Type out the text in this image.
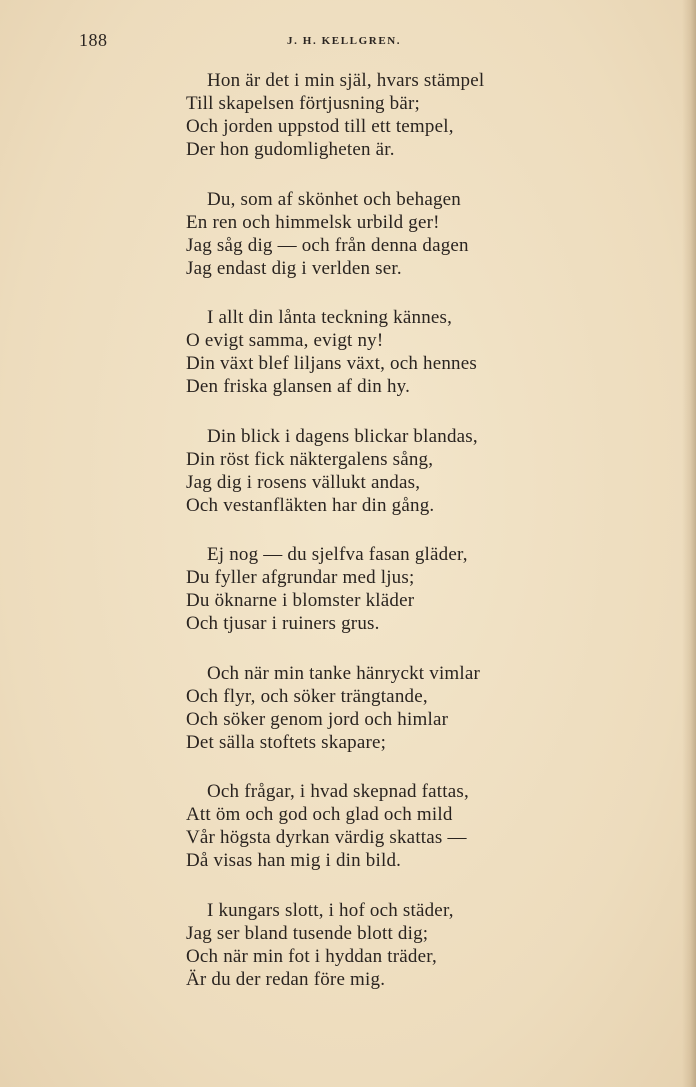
188	J. H. KELLGREN.

Hon är det i min själ, hvars stämpel
Till skapelsen förtjusning bär;
Och jorden uppstod till ett tempel,
Der hon gudomligheten är.

Du, som af skönhet och behagen
En ren och himmelsk urbild ger!
Jag såg dig — och från denna dagen
Jag endast dig i verlden ser.

I allt din lånta teckning kännes,
O evigt samma, evigt ny!
Din växt blef liljans växt, och hennes
Den friska glansen af din hy.

Din blick i dagens blickar blandas,
Din röst fick näktergalens sång,
Jag dig i rosens vällukt andas,
Och vestanfläkten har din gång.

Ej nog — du sjelfva fasan gläder,
Du fyller afgrundar med ljus;
Du öknarne i blomster kläder
Och tjusar i ruiners grus.

Och när min tanke hänryckt vimlar
Och flyr, och söker trängtande,
Och söker genom jord och himlar
Det sälla stoftets skapare;

Och frågar, i hvad skepnad fattas,
Att öm och god och glad och mild
Vår högsta dyrkan värdig skattas —
Då visas han mig i din bild.

I kungars slott, i hof och städer,
Jag ser bland tusende blott dig;
Och när min fot i hyddan träder,
Är du der redan före mig.
